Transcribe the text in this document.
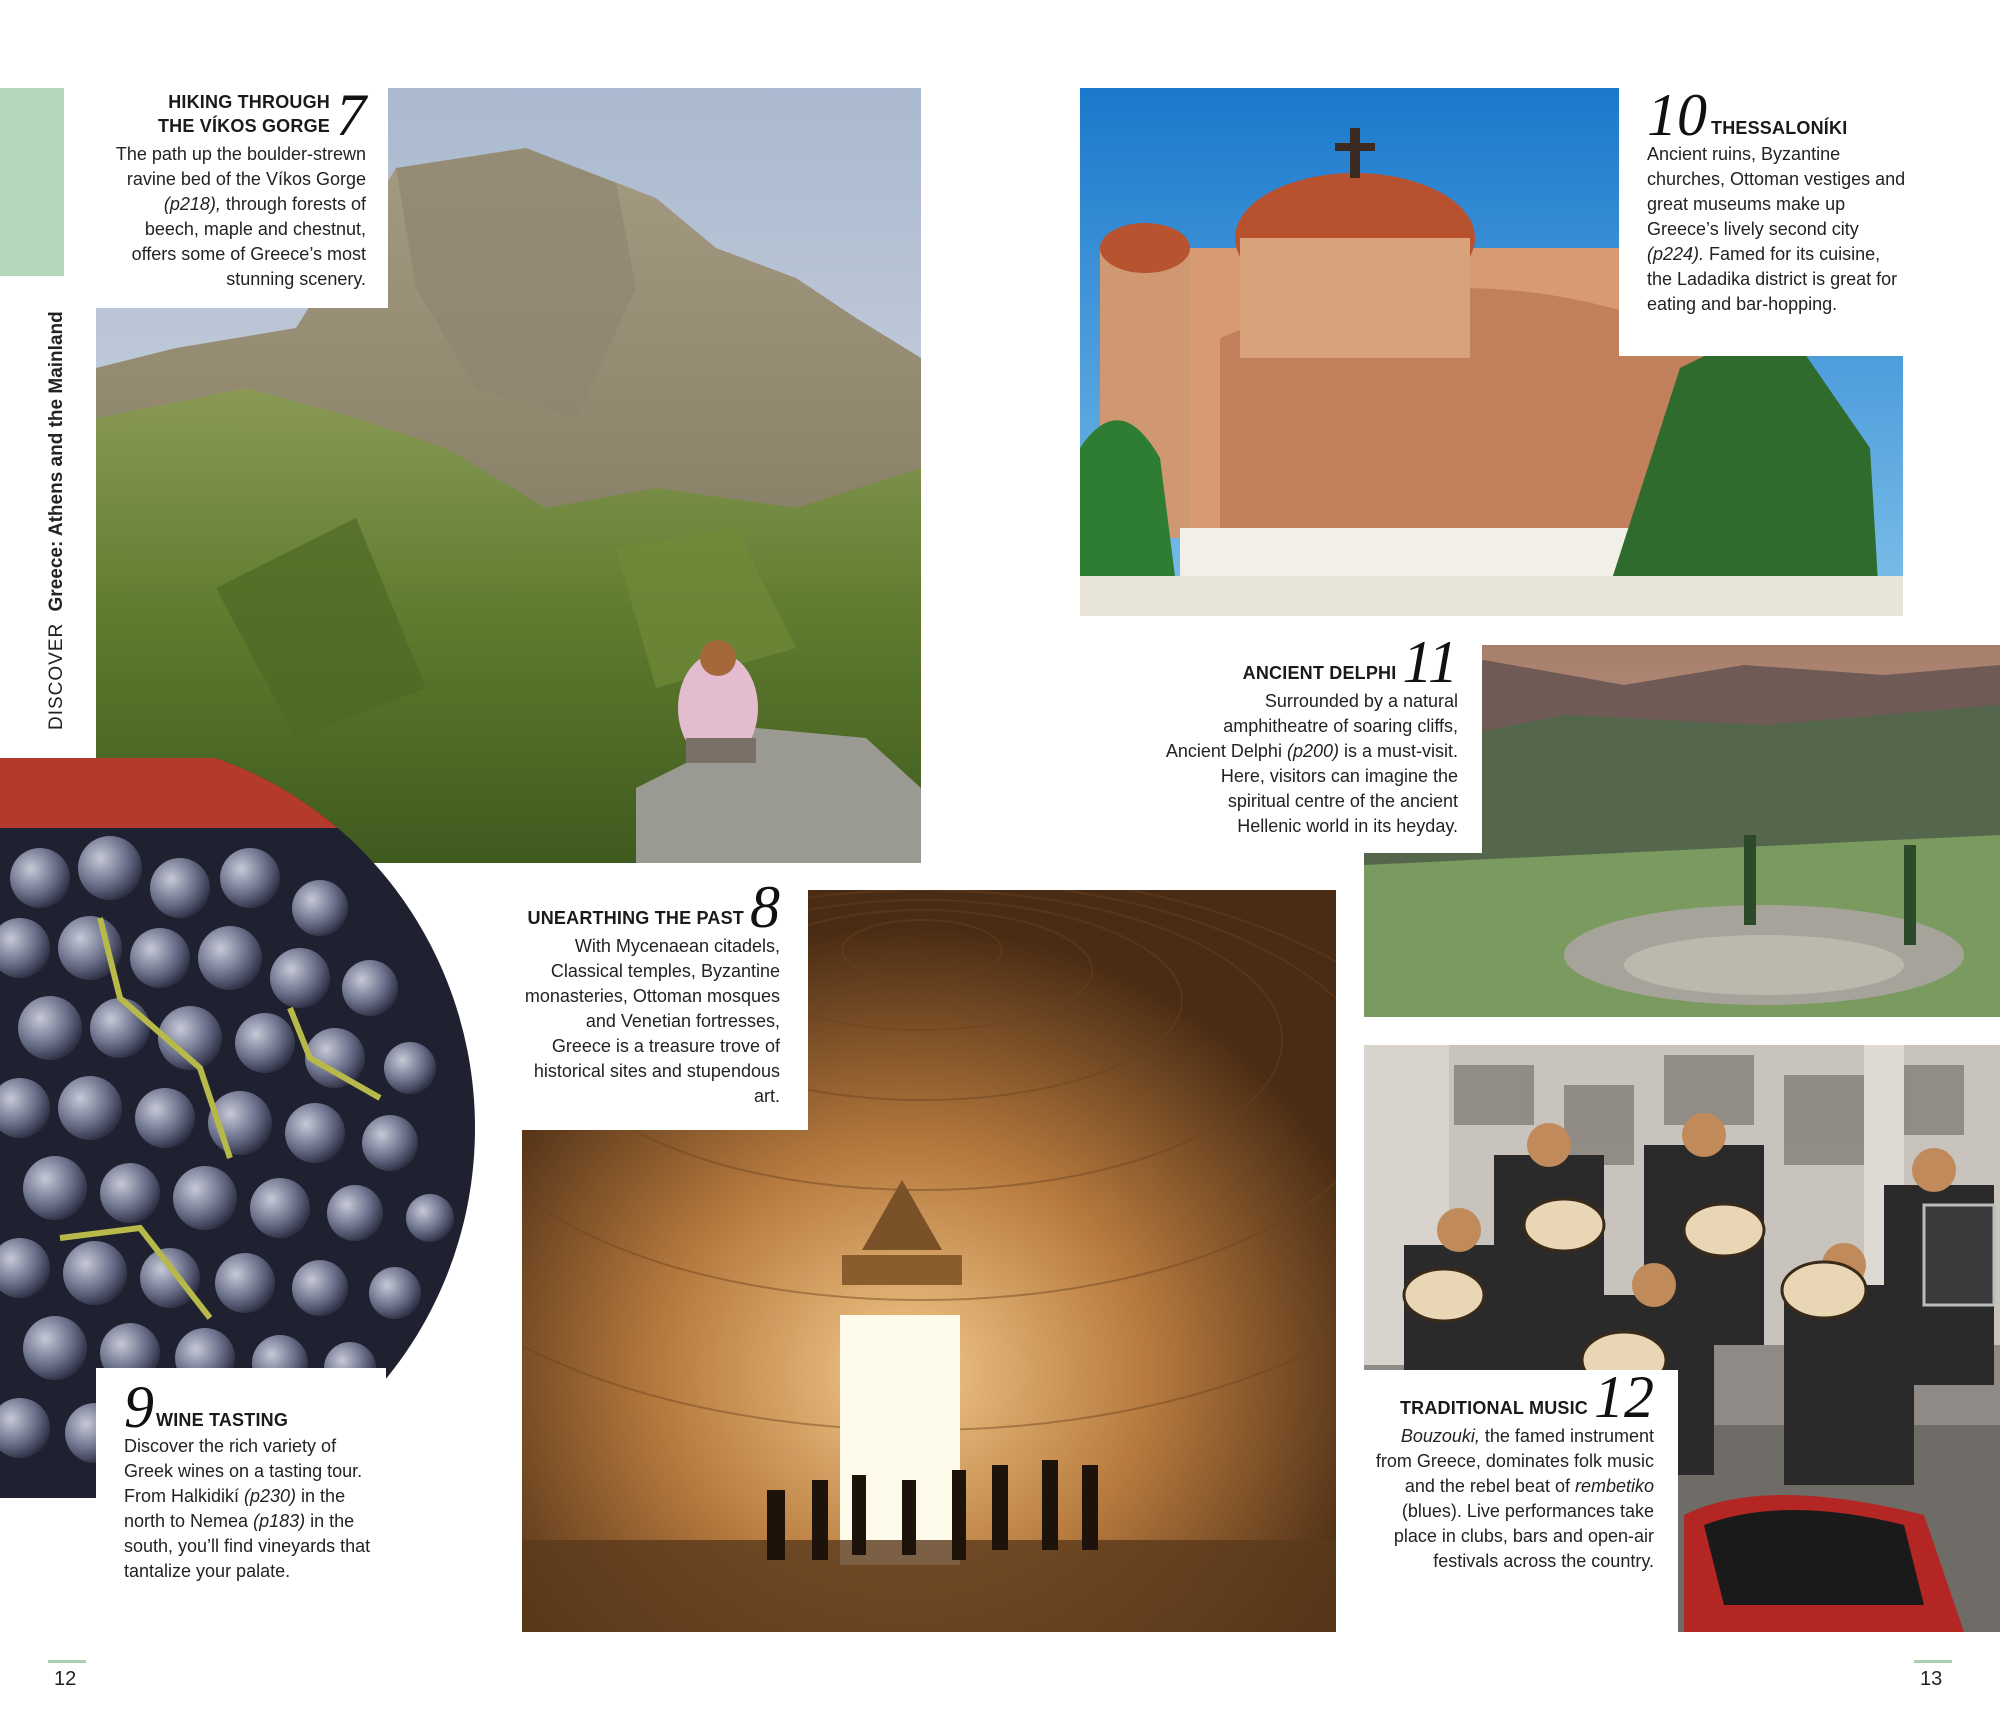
DISCOVER Greece: Athens and the Mainland
HIKING THROUGH
THE VÍKOS GORGE 7
The path up the boulder-strewn ravine bed of the Víkos Gorge (p218), through forests of beech, maple and chestnut, offers some of Greece’s most stunning scenery.
10 THESSALONÍKI
Ancient ruins, Byzantine churches, Ottoman vestiges and great museums make up Greece’s lively second city (p224). Famed for its cuisine, the Ladadika district is great for eating and bar-hopping.
ANCIENT DELPHI 11
Surrounded by a natural amphitheatre of soaring cliffs, Ancient Delphi (p200) is a must-visit. Here, visitors can imagine the spiritual centre of the ancient Hellenic world in its heyday.
UNEARTHING THE PAST 8
With Mycenaean citadels, Classical temples, Byzantine monasteries, Ottoman mosques and Venetian fortresses, Greece is a treasure trove of historical sites and stupendous art.
9 WINE TASTING
Discover the rich variety of Greek wines on a tasting tour. From Halkidikí (p230) in the north to Nemea (p183) in the south, you’ll find vineyards that tantalize your palate.
TRADITIONAL MUSIC 12
Bouzouki, the famed instrument from Greece, dominates folk music and the rebel beat of rembetiko (blues). Live performances take place in clubs, bars and open-air festivals across the country.
12	13
